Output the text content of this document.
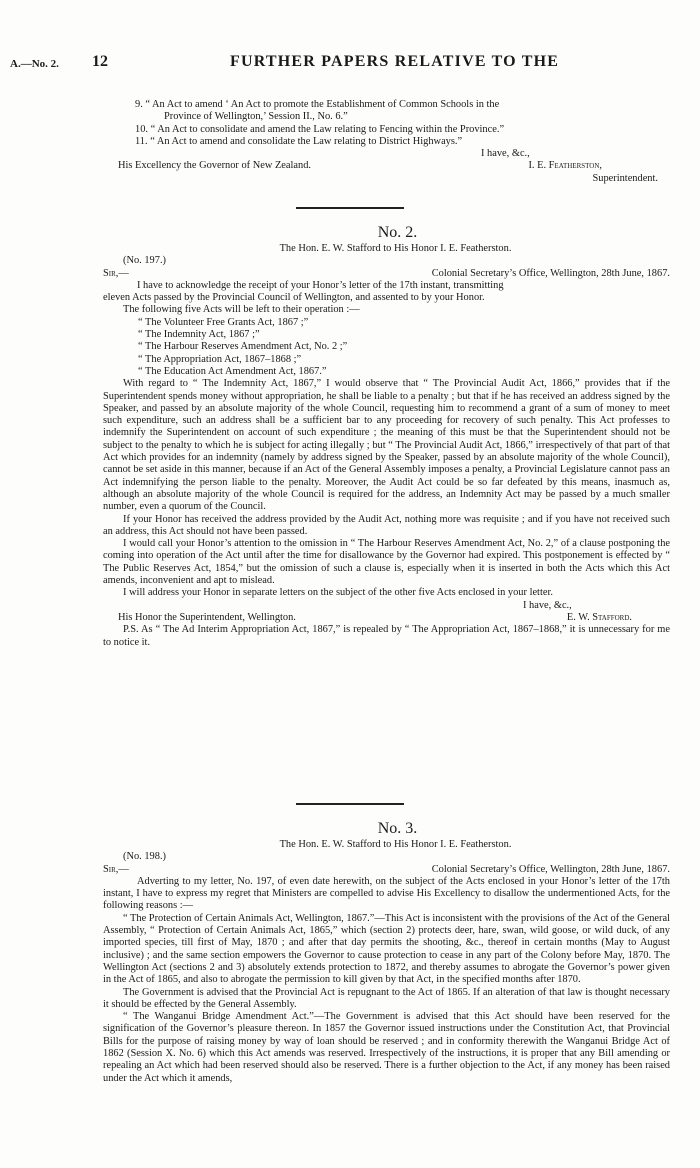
A.—No. 2. 12	FURTHER PAPERS RELATIVE TO THE

9. “ An Act to amend ‘ An Act to promote the Establishment of Common Schools in the

Province of Wellington,’ Session II., No. 6.”

10. “ An Act to consolidate and amend the Law relating to Fencing within the Province.”

11. “ An Act to amend and consolidate the Law relating to District Highways.”

I have, &c.,

His Excellency the Governor of New Zealand.	I. E. Featherston,

Superintendent.

No. 2.

The Hon. E. W. Stafford to His Honor I. E. Featherston.

(No. 197.)

Sir,—	Colonial Secretary’s Office, Wellington, 28th June, 1867.

I have to acknowledge the receipt of your Honor’s letter of the 17th instant, transmitting

eleven Acts passed by the Provincial Council of Wellington, and assented to by your Honor.

The following five Acts will be left to their operation :—

“ The Volunteer Free Grants Act, 1867 ;”

“ The Indemnity Act, 1867 ;”

“ The Harbour Reserves Amendment Act, No. 2 ;”

“ The Appropriation Act, 1867–1868 ;”

“ The Education Act Amendment Act, 1867.”

With regard to “ The Indemnity Act, 1867,” I would observe that “ The Provincial Audit Act, 1866,” provides that if the Superintendent spends money without appropriation, he shall be liable to a penalty ; but that if he has received an address signed by the Speaker, and passed by an absolute majority of the whole Council, requesting him to recommend a grant of a sum of money to meet such expenditure, such an address shall be a sufficient bar to any proceeding for recovery of such penalty. This Act professes to indemnify the Superintendent on account of such expenditure ; the meaning of this must be that the Superintendent should not be subject to the penalty to which he is subject for acting illegally ; but “ The Provincial Audit Act, 1866,” irrespectively of that part of that Act which provides for an indemnity (namely by address signed by the Speaker, passed by an absolute majority of the whole Council), cannot be set aside in this manner, because if an Act of the General Assembly imposes a penalty, a Provincial Legislature cannot pass an Act indemnifying the person liable to the penalty. Moreover, the Audit Act could be so far defeated by this means, inasmuch as, although an absolute majority of the whole Council is required for the address, an Indemnity Act may be passed by a much smaller number, even a quorum of the Council.

If your Honor has received the address provided by the Audit Act, nothing more was requisite ; and if you have not received such an address, this Act should not have been passed.

I would call your Honor’s attention to the omission in “ The Harbour Reserves Amendment Act, No. 2,” of a clause postponing the coming into operation of the Act until after the time for disallowance by the Governor had expired. This postponement is effected by “ The Public Reserves Act, 1854,” but the omission of such a clause is, especially when it is inserted in both the Acts which this Act amends, inconvenient and apt to mislead.

I will address your Honor in separate letters on the subject of the other five Acts enclosed in your letter.

I have, &c.,

His Honor the Superintendent, Wellington.	E. W. Stafford.

P.S. As “ The Ad Interim Appropriation Act, 1867,” is repealed by “ The Appropriation Act, 1867–1868,” it is unnecessary for me to notice it.

No. 3.

The Hon. E. W. Stafford to His Honor I. E. Featherston.

(No. 198.)

Sir,—	Colonial Secretary’s Office, Wellington, 28th June, 1867.

Adverting to my letter, No. 197, of even date herewith, on the subject of the Acts enclosed in your Honor’s letter of the 17th instant, I have to express my regret that Ministers are compelled to advise His Excellency to disallow the undermentioned Acts, for the following reasons :—

“ The Protection of Certain Animals Act, Wellington, 1867.”—This Act is inconsistent with the provisions of the Act of the General Assembly, “ Protection of Certain Animals Act, 1865,” which (section 2) protects deer, hare, swan, wild goose, or wild duck, of any imported species, till first of May, 1870 ; and after that day permits the shooting, &c., thereof in certain months (May to August inclusive) ; and the same section empowers the Governor to cause protection to cease in any part of the Colony before May, 1870. The Wellington Act (sections 2 and 3) absolutely extends protection to 1872, and thereby assumes to abrogate the Governor’s power given in the Act of 1865, and also to abrogate the permission to kill given by that Act, in the specified months after 1870.

The Government is advised that the Provincial Act is repugnant to the Act of 1865. If an alteration of that law is thought necessary it should be effected by the General Assembly.

“ The Wanganui Bridge Amendment Act.”—The Government is advised that this Act should have been reserved for the signification of the Governor’s pleasure thereon. In 1857 the Governor issued instructions under the Constitution Act, that Provincial Bills for the purpose of raising money by way of loan should be reserved ; and in conformity therewith the Wanganui Bridge Act of 1862 (Session X. No. 6) which this Act amends was reserved. Irrespectively of the instructions, it is proper that any Bill amending or repealing an Act which had been reserved should also be reserved. There is a further objection to the Act, if any money has been raised under the Act which it amends,
